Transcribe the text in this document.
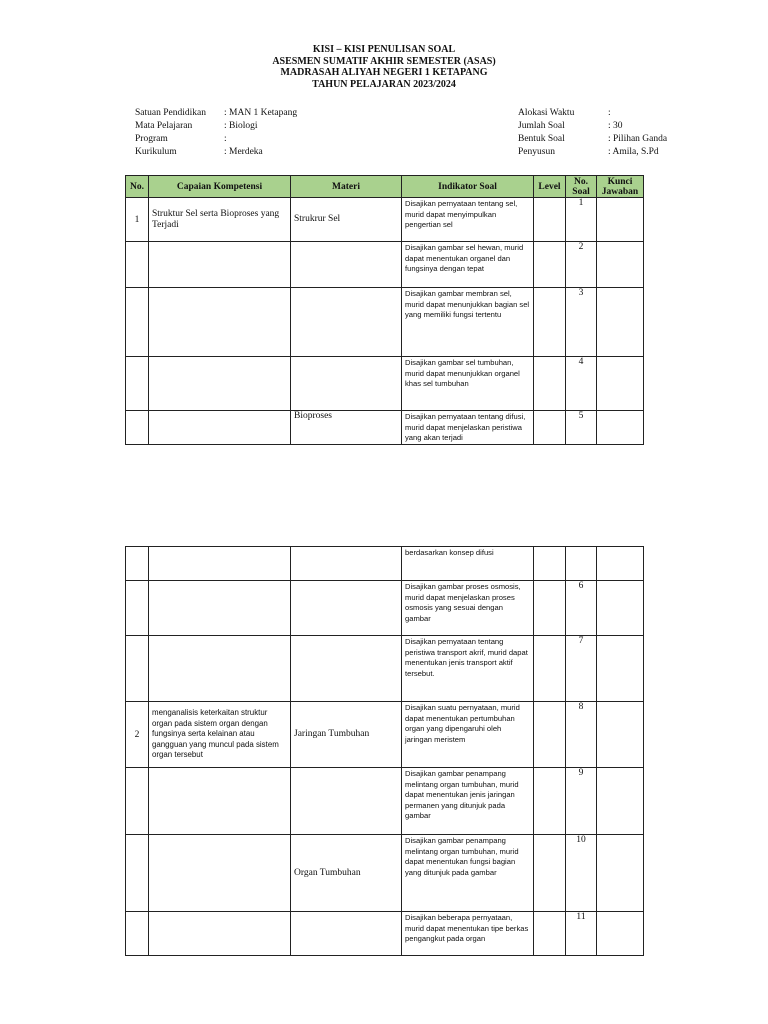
KISI – KISI PENULISAN SOAL
ASESMEN SUMATIF AKHIR SEMESTER (ASAS)
MADRASAH ALIYAH NEGERI 1 KETAPANG
TAHUN PELAJARAN 2023/2024
Satuan Pendidikan	: MAN 1 Ketapang
Mata Pelajaran	: Biologi
Program	:
Kurikulum	: Merdeka
Alokasi Waktu	:
Jumlah Soal	: 30
Bentuk Soal	: Pilihan Ganda
Penyusun	: Amila, S.Pd
No.	Capaian Kompetensi	Materi	Indikator Soal	Level	No. Soal	Kunci Jawaban
1	Struktur Sel serta Bioproses yang Terjadi	Strukrur Sel	Disajikan pernyataan tentang sel, murid dapat menyimpulkan pengertian sel		1	
			Disajikan gambar sel hewan, murid dapat menentukan organel dan fungsinya dengan tepat		2	
			Disajikan gambar membran sel, murid dapat menunjukkan bagian sel yang memiliki fungsi tertentu		3	
			Disajikan gambar sel tumbuhan, murid dapat menunjukkan organel khas sel tumbuhan		4	
		Bioproses	Disajikan pernyataan tentang difusi, murid dapat menjelaskan peristiwa yang akan terjadi		5	
			berdasarkan konsep difusi			
			Disajikan gambar proses osmosis, murid dapat menjelaskan proses osmosis yang sesuai dengan gambar		6	
			Disajikan pernyataan tentang peristiwa transport akrif, murid dapat menentukan jenis transport aktif tersebut.		7	
2	menganalisis keterkaitan struktur organ pada sistem organ dengan fungsinya serta kelainan atau gangguan yang muncul pada sistem organ tersebut	Jaringan Tumbuhan	Disajikan suatu pernyataan, murid dapat menentukan pertumbuhan organ yang dipengaruhi oleh jaringan meristem		8	
			Disajikan gambar penampang melintang organ tumbuhan, murid dapat menentukan jenis jaringan permanen yang ditunjuk pada gambar		9	
		Organ Tumbuhan	Disajikan gambar penampang melintang organ tumbuhan, murid dapat menentukan fungsi bagian yang ditunjuk pada gambar		10	
			Disajikan beberapa pernyataan, murid dapat menentukan tipe berkas pengangkut pada organ		11	
